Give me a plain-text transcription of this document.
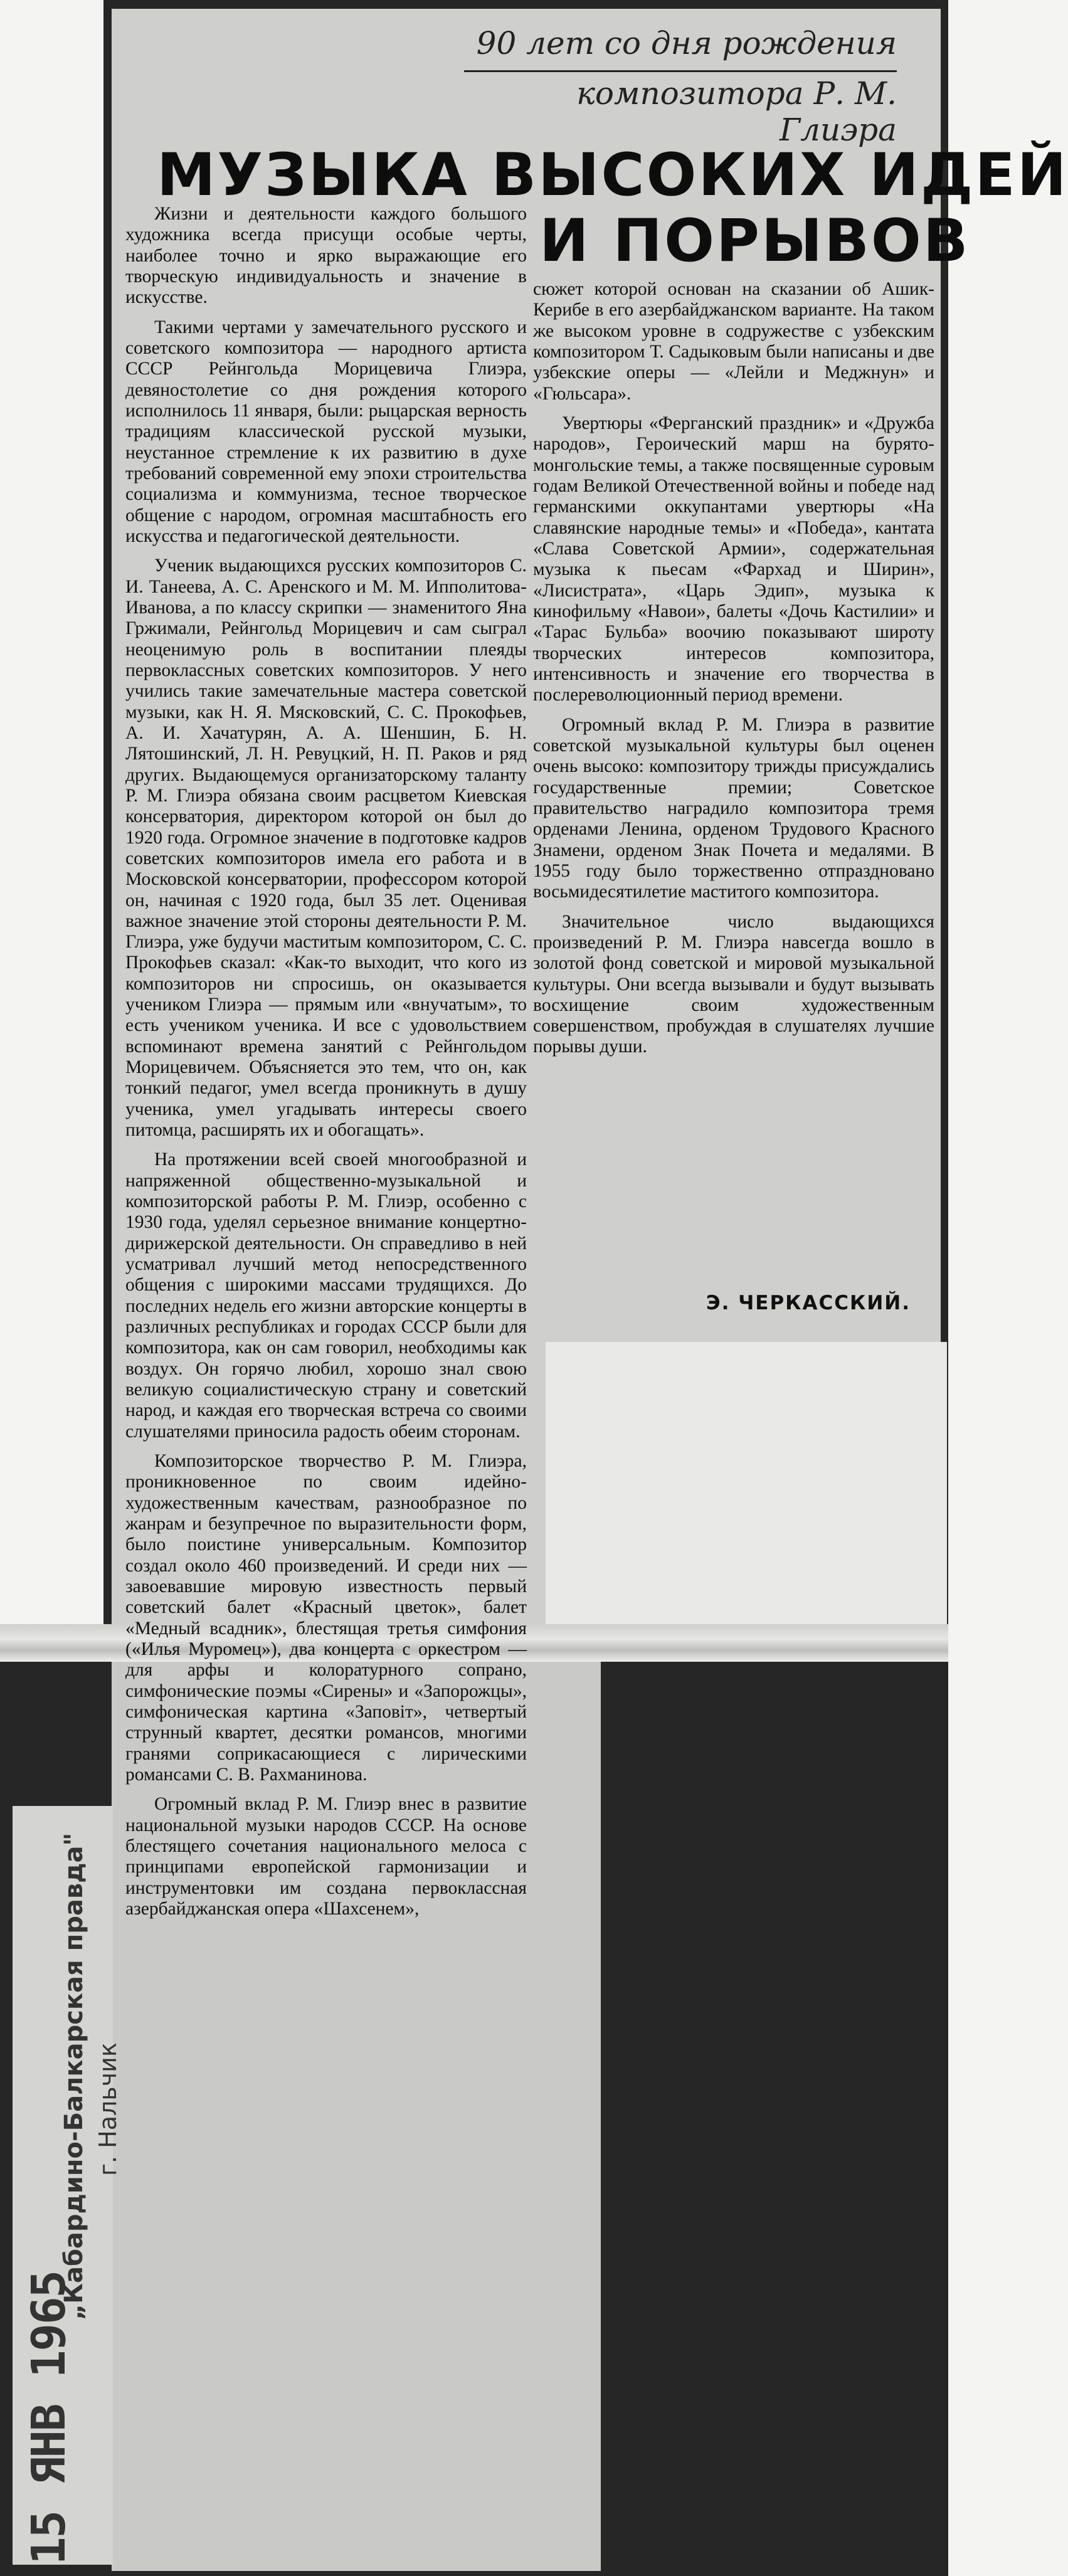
90 лет со дня рождения
композитора Р. М. Глиэра
МУЗЫКА ВЫСОКИХ ИДЕЙ
И ПОРЫВОВ

Жизни и деятельности каждого большого художника всегда присущи особые черты, наиболее точно и ярко выражающие его творческую индивидуальность и значение в искусстве.

Такими чертами у замечательного русского и советского композитора — народного артиста СССР Рейнгольда Морицевича Глиэра, девяностолетие со дня рождения которого исполнилось 11 января, были: рыцарская верность традициям классической русской музыки, неустанное стремление к их развитию в духе требований современной ему эпохи строительства социализма и коммунизма, тесное творческое общение с народом, огромная масштабность его искусства и педагогической деятельности.

Ученик выдающихся русских композиторов С. И. Танеева, А. С. Аренского и М. М. Ипполитова-Иванова, а по классу скрипки — знаменитого Яна Гржимали, Рейнгольд Морицевич и сам сыграл неоценимую роль в воспитании плеяды первоклассных советских композиторов. У него учились такие замечательные мастера советской музыки, как Н. Я. Мясковский, С. С. Прокофьев, А. И. Хачатурян, А. А. Шеншин, Б. Н. Лятошинский, Л. Н. Ревуцкий, Н. П. Раков и ряд других. Выдающемуся организаторскому таланту Р. М. Глиэра обязана своим расцветом Киевская консерватория, директором которой он был до 1920 года. Огромное значение в подготовке кадров советских композиторов имела его работа и в Московской консерватории, профессором которой он, начиная с 1920 года, был 35 лет. Оценивая важное значение этой стороны деятельности Р. М. Глиэра, уже будучи маститым композитором, С. С. Прокофьев сказал: «Как-то выходит, что кого из композиторов ни спросишь, он оказывается учеником Глиэра — прямым или «внучатым», то есть учеником ученика. И все с удовольствием вспоминают времена занятий с Рейнгольдом Морицевичем. Объясняется это тем, что он, как тонкий педагог, умел всегда проникнуть в душу ученика, умел угадывать интересы своего питомца, расширять их и обогащать».

На протяжении всей своей многообразной и напряженной общественно-музыкальной и композиторской работы Р. М. Глиэр, особенно с 1930 года, уделял серьезное внимание концертно-дирижерской деятельности. Он справедливо в ней усматривал лучший метод непосредственного общения с широкими массами трудящихся. До последних недель его жизни авторские концерты в различных республиках и городах СССР были для композитора, как он сам говорил, необходимы как воздух. Он горячо любил, хорошо знал свою великую социалистическую страну и советский народ, и каждая его творческая встреча со своими слушателями приносила радость обеим сторонам.

Композиторское творчество Р. М. Глиэра, проникновенное по своим идейно-художественным качествам, разнообразное по жанрам и безупречное по выразительности форм, было поистине универсальным. Композитор создал около 460 произведений. И среди них — завоевавшие мировую известность первый советский балет «Красный цветок», балет «Медный всадник», блестящая третья симфония («Илья Муромец»), два концерта с оркестром — для арфы и колоратурного сопрано, симфонические поэмы «Сирены» и «Запорожцы», симфоническая картина «Заповіт», четвертый струнный квартет, десятки романсов, многими гранями соприкасающиеся с лирическими романсами С. В. Рахманинова.

Огромный вклад Р. М. Глиэр внес в развитие национальной музыки народов СССР. На основе блестящего сочетания национального мелоса с принципами европейской гармонизации и инструментовки им создана первоклассная азербайджанская опера «Шахсенем»,

сюжет которой основан на сказании об Ашик-Керибе в его азербайджанском варианте. На таком же высоком уровне в содружестве с узбекским композитором Т. Садыковым были написаны и две узбекские оперы — «Лейли и Меджнун» и «Гюльсара».

Увертюры «Ферганский праздник» и «Дружба народов», Героический марш на бурято-монгольские темы, а также посвященные суровым годам Великой Отечественной войны и победе над германскими оккупантами увертюры «На славянские народные темы» и «Победа», кантата «Слава Советской Армии», содержательная музыка к пьесам «Фархад и Ширин», «Лисистрата», «Царь Эдип», музыка к кинофильму «Навои», балеты «Дочь Кастилии» и «Тарас Бульба» воочию показывают широту творческих интересов композитора, интенсивность и значение его творчества в послереволюционный период времени.

Огромный вклад Р. М. Глиэра в развитие советской музыкальной культуры был оценен очень высоко: композитору трижды присуждались государственные премии; Советское правительство наградило композитора тремя орденами Ленина, орденом Трудового Красного Знамени, орденом Знак Почета и медалями. В 1955 году было торжественно отпраздновано восьмидесятилетие маститого композитора.

Значительное число выдающихся произведений Р. М. Глиэра навсегда вошло в золотой фонд советской и мировой музыкальной культуры. Они всегда вызывали и будут вызывать восхищение своим художественным совершенством, пробуждая в слушателях лучшие порывы души.

Э. ЧЕРКАССКИЙ.
„Кабардино-Балкарская правда" г. Нальчик
15 ЯНВ 1965
